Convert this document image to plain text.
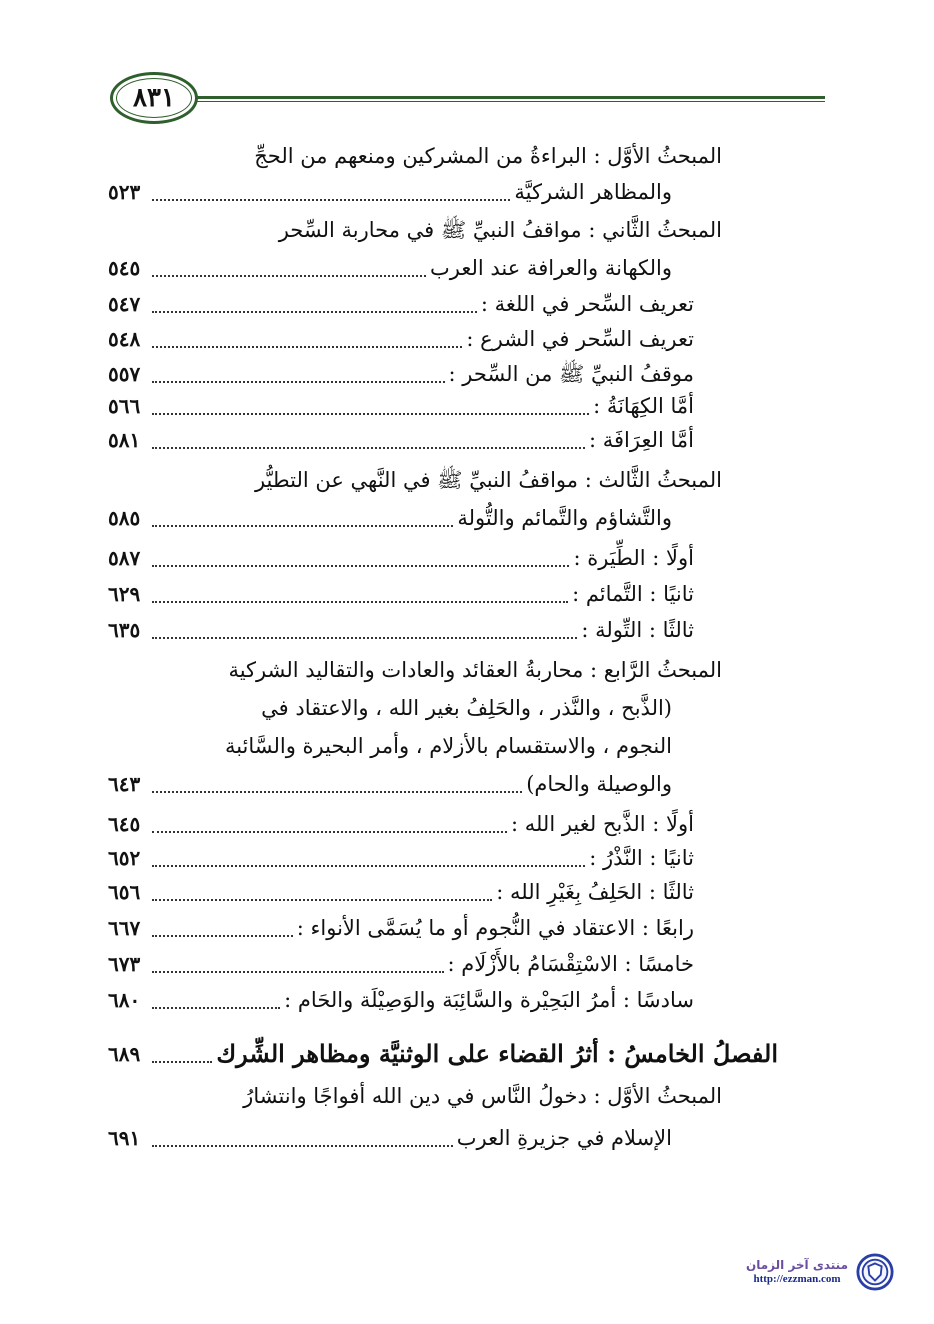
٨٣١
المبحثُ الأوَّل : البراءةُ من المشركين ومنعهم من الحجِّ
والمظاهر الشركيَّة
٥٢٣
المبحثُ الثَّاني : مواقفُ النبيِّ ﷺ في محاربة السِّحر
والكهانة والعرافة عند العرب
٥٤٥
تعريف السِّحر في اللغة :
٥٤٧
تعريف السِّحر في الشرع :
٥٤٨
موقفُ النبيِّ ﷺ من السِّحر :
٥٥٧
أمَّا الكِهَانَةُ :
٥٦٦
أمَّا العِرَافَة :
٥٨١
المبحثُ الثَّالث : مواقفُ النبيِّ ﷺ في النَّهي عن التطيُّر
والتَّشاؤم والتَّمائم والتُّولة
٥٨٥
أولًا : الطِّيَرة :
٥٨٧
ثانيًا : التَّمائم :
٦٢٩
ثالثًا : التِّولة :
٦٣٥
المبحثُ الرَّابع : محاربةُ العقائد والعادات والتقاليد الشركية
(الذَّبح ، والنَّذر ، والحَلِفُ بغير الله ، والاعتقاد في
النجوم ، والاستقسام بالأزلام ، وأمر البحيرة والسَّائبة
والوصيلة والحام)
٦٤٣
أولًا : الذَّبح لغير الله :
٦٤٥
ثانيًا : النَّذْرُ :
٦٥٢
ثالثًا : الحَلِفُ بِغَيْرِ الله :
٦٥٦
رابعًا : الاعتقاد في النُّجوم أو ما يُسَمَّى الأنواء :
٦٦٧
خامسًا : الاسْتِقْسَامُ بالأَزْلَام :
٦٧٣
سادسًا : أمرُ البَحِيْرة والسَّائِبَة والوَصِيْلَة والحَام :
٦٨٠
الفصلُ الخامسُ : أثرُ القضاء على الوثنيَّة ومظاهر الشِّرك
٦٨٩
المبحثُ الأوَّل : دخولُ النَّاس في دين الله أفواجًا وانتشارُ
الإسلام في جزيرةِ العرب
٦٩١
منتدى آخر الزمان
http://ezzman.com
